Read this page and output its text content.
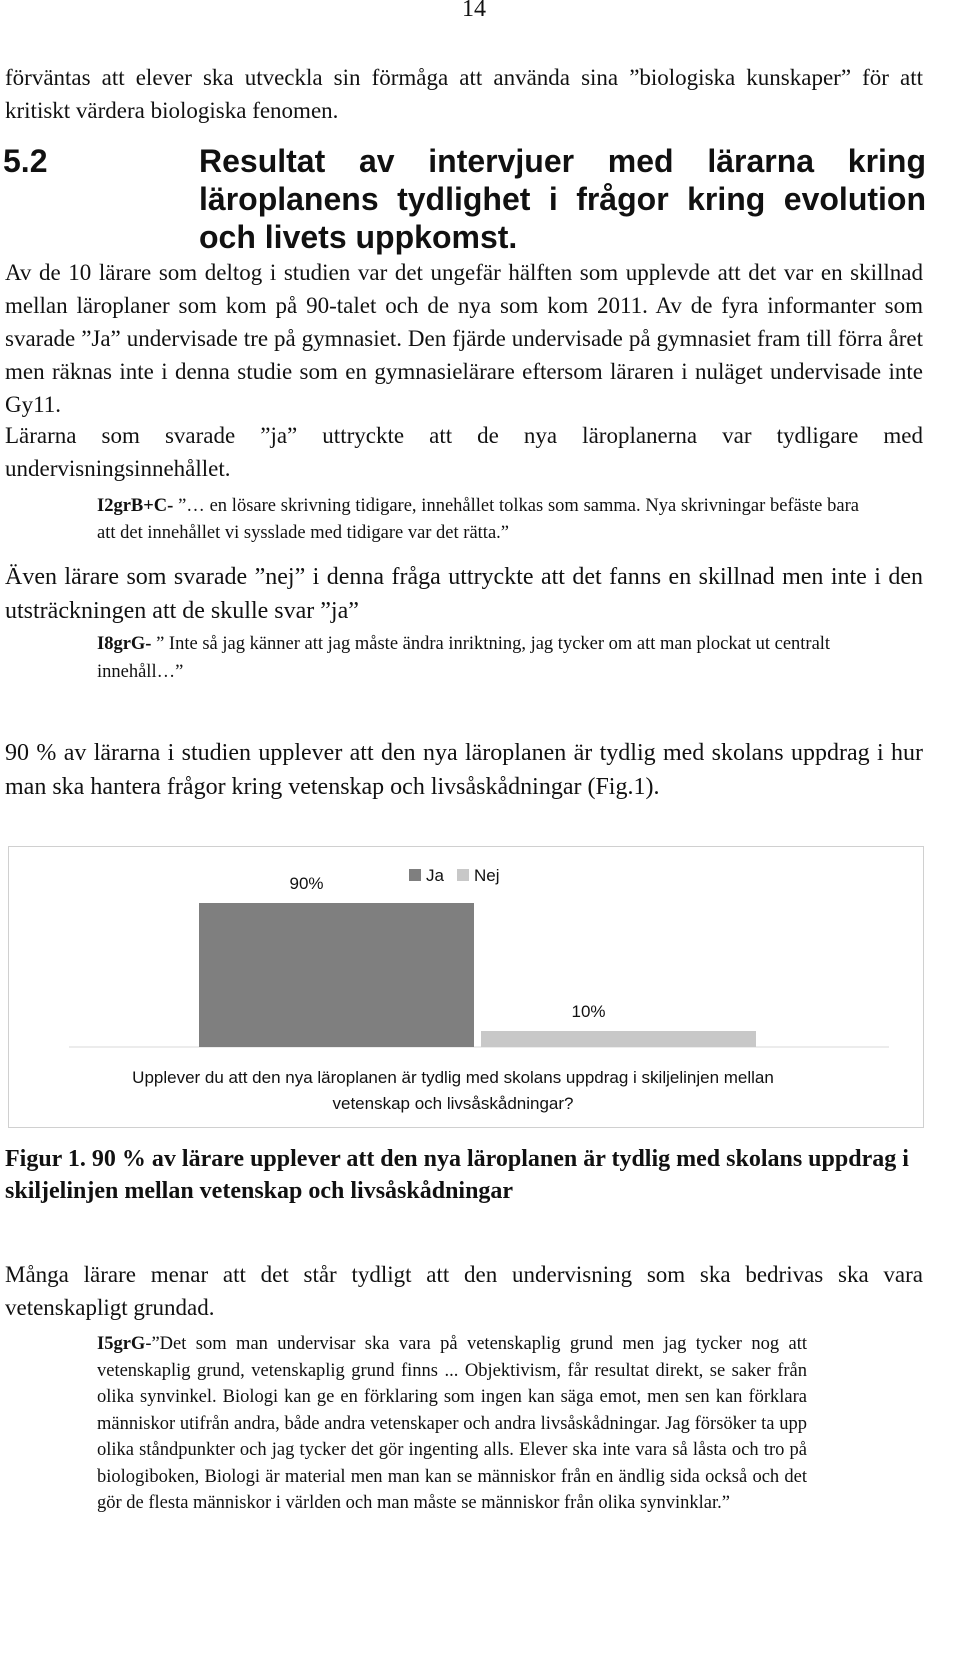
14

förväntas att elever ska utveckla sin förmåga att använda sina ”biologiska kunskaper” för att kritiskt värdera biologiska fenomen.

5.2	Resultat av intervjuer med lärarna kring läroplanens tydlighet i frågor kring evolution och livets uppkomst.

Av de 10 lärare som deltog i studien var det ungefär hälften som upplevde att det var en skillnad mellan läroplaner som kom på 90-talet och de nya som kom 2011. Av de fyra informanter som svarade ”Ja” undervisade tre på gymnasiet. Den fjärde undervisade på gymnasiet fram till förra året men räknas inte i denna studie som en gymnasielärare eftersom läraren i nuläget undervisade inte Gy11.

Lärarna som svarade ”ja” uttryckte att de nya läroplanerna var tydligare med undervisningsinnehållet.

I2grB+C- ”… en lösare skrivning tidigare, innehållet tolkas som samma. Nya skrivningar befäste bara att det innehållet vi sysslade med tidigare var det rätta.”

Även lärare som svarade ”nej” i denna fråga uttryckte att det fanns en skillnad men inte i den utsträckningen att de skulle svar ”ja”

I8grG- ” Inte så jag känner att jag måste ändra inriktning, jag tycker om att man plockat ut centralt innehåll…”

90 % av lärarna i studien upplever att den nya läroplanen är tydlig med skolans uppdrag i hur man ska hantera frågor kring vetenskap och livsåskådningar (Fig.1).

90%
10%
Ja Nej
Upplever du att den nya läroplanen är tydlig med skolans uppdrag i skiljelinjen mellan
vetenskap och livsåskådningar?

Figur 1. 90 % av lärare upplever att den nya läroplanen är tydlig med skolans uppdrag i skiljelinjen mellan vetenskap och livsåskådningar

Många lärare menar att det står tydligt att den undervisning som ska bedrivas ska vara vetenskapligt grundad.

I5grG-”Det som man undervisar ska vara på vetenskaplig grund men jag tycker nog att vetenskaplig grund, vetenskaplig grund finns ... Objektivism, får resultat direkt, se saker från olika synvinkel. Biologi kan ge en förklaring som ingen kan säga emot, men sen kan förklara människor utifrån andra, både andra vetenskaper och andra livsåskådningar. Jag försöker ta upp olika ståndpunkter och jag tycker det gör ingenting alls. Elever ska inte vara så låsta och tro på biologiboken, Biologi är material men man kan se människor från en ändlig sida också och det gör de flesta människor i världen och man måste se människor från olika synvinklar.”
